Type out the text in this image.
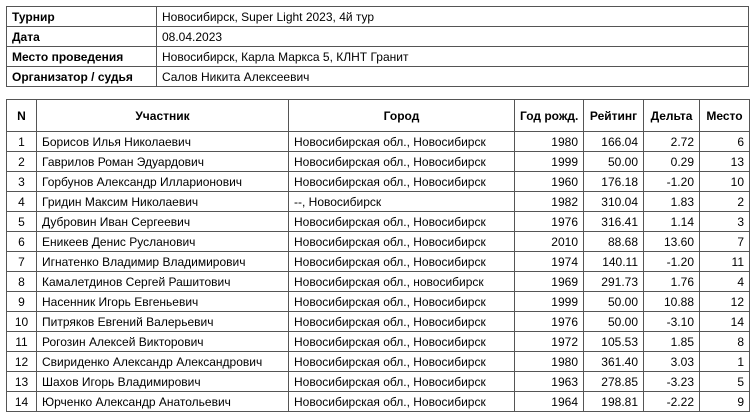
Турнир	Новосибирск, Super Light 2023, 4й тур
Дата	08.04.2023
Место проведения	Новосибирск, Карла Маркса 5, КЛНТ Гранит
Организатор / судья	Салов Никита Алексеевич
N	Участник	Город	Год рожд.	Рейтинг	Дельта	Место
1	Борисов Илья Николаевич	Новосибирская обл., Новосибирск	1980	166.04	2.72	6
2	Гаврилов Роман Эдуардович	Новосибирская обл., Новосибирск	1999	50.00	0.29	13
3	Горбунов Александр Илларионович	Новосибирская обл., Новосибирск	1960	176.18	-1.20	10
4	Гридин Максим Николаевич	--, Новосибирск	1982	310.04	1.83	2
5	Дубровин Иван Сергеевич	Новосибирская обл., Новосибирск	1976	316.41	1.14	3
6	Еникеев Денис Русланович	Новосибирская обл., Новосибирск	2010	88.68	13.60	7
7	Игнатенко Владимир Владимирович	Новосибирская обл., Новосибирск	1974	140.11	-1.20	11
8	Камалетдинов Сергей Рашитович	Новосибирская обл., новосибирск	1969	291.73	1.76	4
9	Насенник Игорь Евгеньевич	Новосибирская обл., Новосибирск	1999	50.00	10.88	12
10	Питряков Евгений Валерьевич	Новосибирская обл., Новосибирск	1976	50.00	-3.10	14
11	Рогозин Алексей Викторович	Новосибирская обл., Новосибирск	1972	105.53	1.85	8
12	Свириденко Александр Александрович	Новосибирская обл., Новосибирск	1980	361.40	3.03	1
13	Шахов Игорь Владимирович	Новосибирская обл., Новосибирск	1963	278.85	-3.23	5
14	Юрченко Александр Анатольевич	Новосибирская обл., Новосибирск	1964	198.81	-2.22	9
